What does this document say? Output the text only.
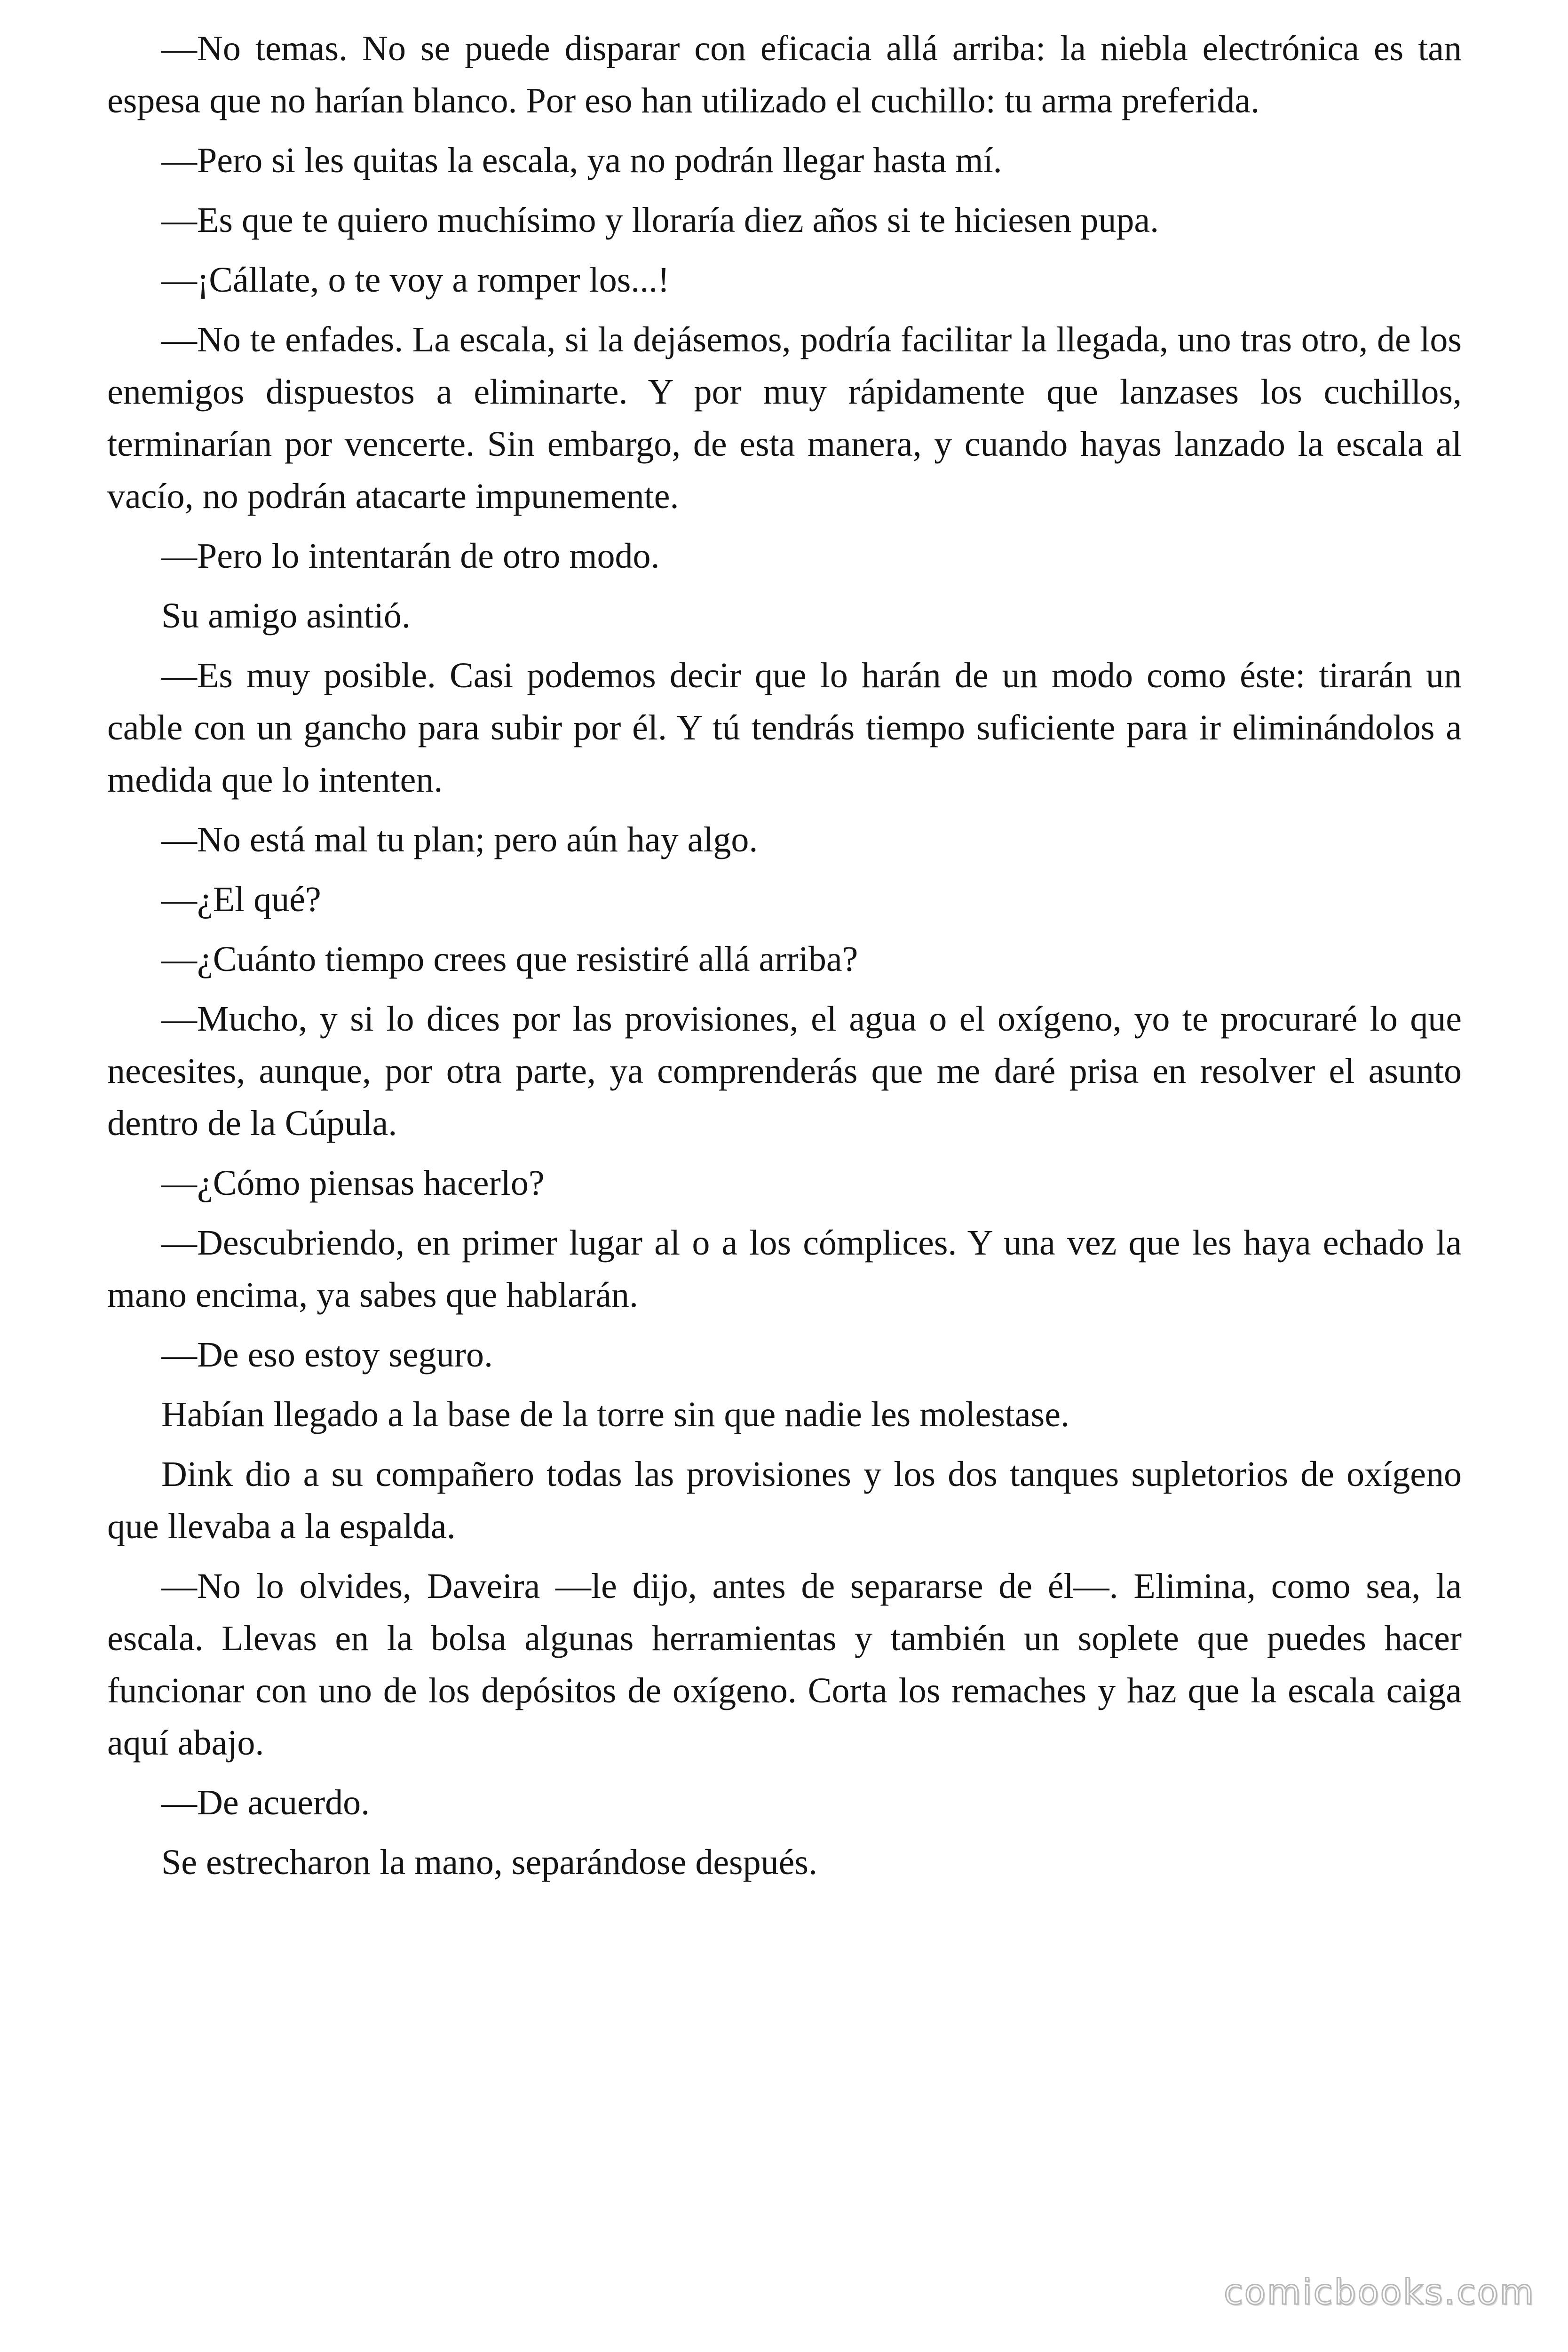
—No temas. No se puede disparar con eficacia allá arriba: la niebla electrónica es tan espesa que no harían blanco. Por eso han utilizado el cuchillo: tu arma preferida.

—Pero si les quitas la escala, ya no podrán llegar hasta mí.

—Es que te quiero muchísimo y lloraría diez años si te hiciesen pupa.

—¡Cállate, o te voy a romper los...!

—No te enfades. La escala, si la dejásemos, podría facilitar la llegada, uno tras otro, de los enemigos dispuestos a eliminarte. Y por muy rápidamente que lanzases los cuchillos, terminarían por vencerte. Sin embargo, de esta manera, y cuando hayas lanzado la escala al vacío, no podrán atacarte impunemente.

—Pero lo intentarán de otro modo.

Su amigo asintió.

—Es muy posible. Casi podemos decir que lo harán de un modo como éste: tirarán un cable con un gancho para subir por él. Y tú tendrás tiempo suficiente para ir eliminándolos a medida que lo intenten.

—No está mal tu plan; pero aún hay algo.

—¿El qué?

—¿Cuánto tiempo crees que resistiré allá arriba?

—Mucho, y si lo dices por las provisiones, el agua o el oxígeno, yo te procuraré lo que necesites, aunque, por otra parte, ya comprenderás que me daré prisa en resolver el asunto dentro de la Cúpula.

—¿Cómo piensas hacerlo?

—Descubriendo, en primer lugar al o a los cómplices. Y una vez que les haya echado la mano encima, ya sabes que hablarán.

—De eso estoy seguro.

Habían llegado a la base de la torre sin que nadie les molestase.

Dink dio a su compañero todas las provisiones y los dos tanques supletorios de oxígeno que llevaba a la espalda.

—No lo olvides, Daveira —le dijo, antes de separarse de él—. Elimina, como sea, la escala. Llevas en la bolsa algunas herramientas y también un soplete que puedes hacer funcionar con uno de los depósitos de oxígeno. Corta los remaches y haz que la escala caiga aquí abajo.

—De acuerdo.

Se estrecharon la mano, separándose después.

comicbooks.com
